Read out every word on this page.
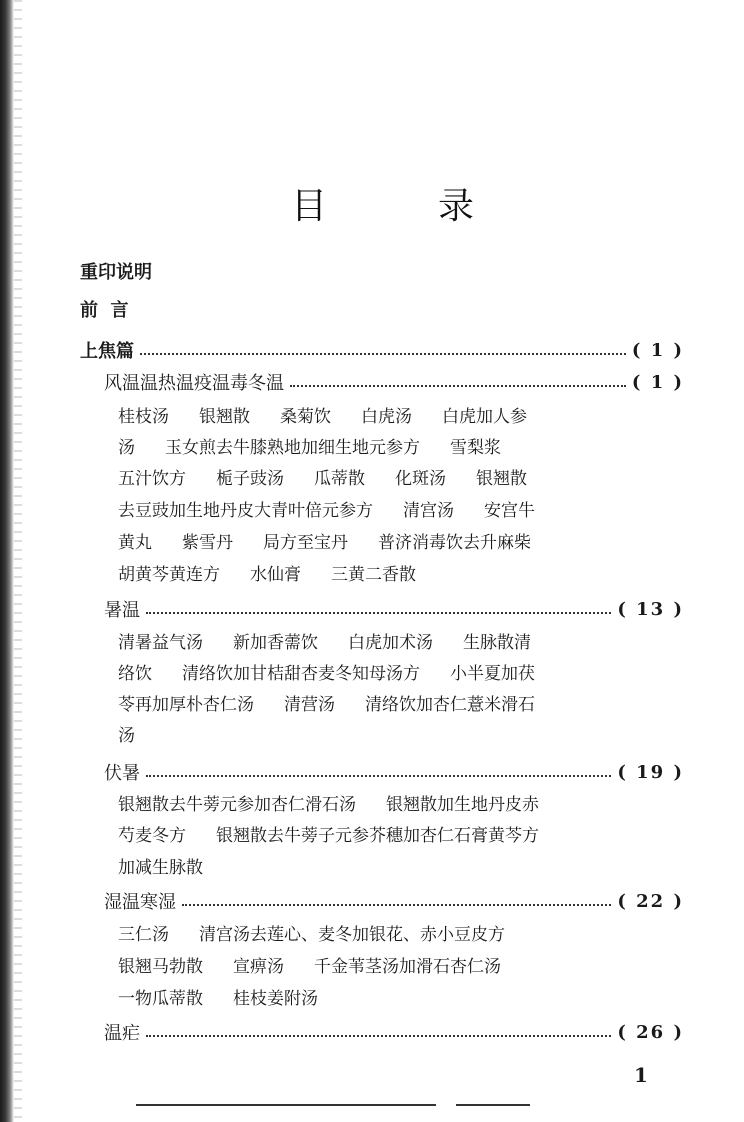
目	录
重印说明
前  言
上焦篇	( 1 )
风温温热温疫温毒冬温	( 1 )
桂枝汤 银翘散 桑菊饮 白虎汤 白虎加人参
汤 玉女煎去牛膝熟地加细生地元参方 雪梨浆
五汁饮方 栀子豉汤 瓜蒂散 化斑汤 银翘散
去豆豉加生地丹皮大青叶倍元参方 清宫汤 安宫牛
黄丸 紫雪丹 局方至宝丹 普济消毒饮去升麻柴
胡黄芩黄连方 水仙膏 三黄二香散
暑温	( 13 )
清暑益气汤 新加香薷饮 白虎加术汤 生脉散清
络饮 清络饮加甘桔甜杏麦冬知母汤方 小半夏加茯
苓再加厚朴杏仁汤 清营汤 清络饮加杏仁薏米滑石
汤
伏暑	( 19 )
银翘散去牛蒡元参加杏仁滑石汤 银翘散加生地丹皮赤
芍麦冬方 银翘散去牛蒡子元参芥穗加杏仁石膏黄芩方
加减生脉散
湿温寒湿	( 22 )
三仁汤 清宫汤去莲心、麦冬加银花、赤小豆皮方
银翘马勃散 宣痹汤 千金苇茎汤加滑石杏仁汤
一物瓜蒂散 桂枝姜附汤
温疟	( 26 )
1
